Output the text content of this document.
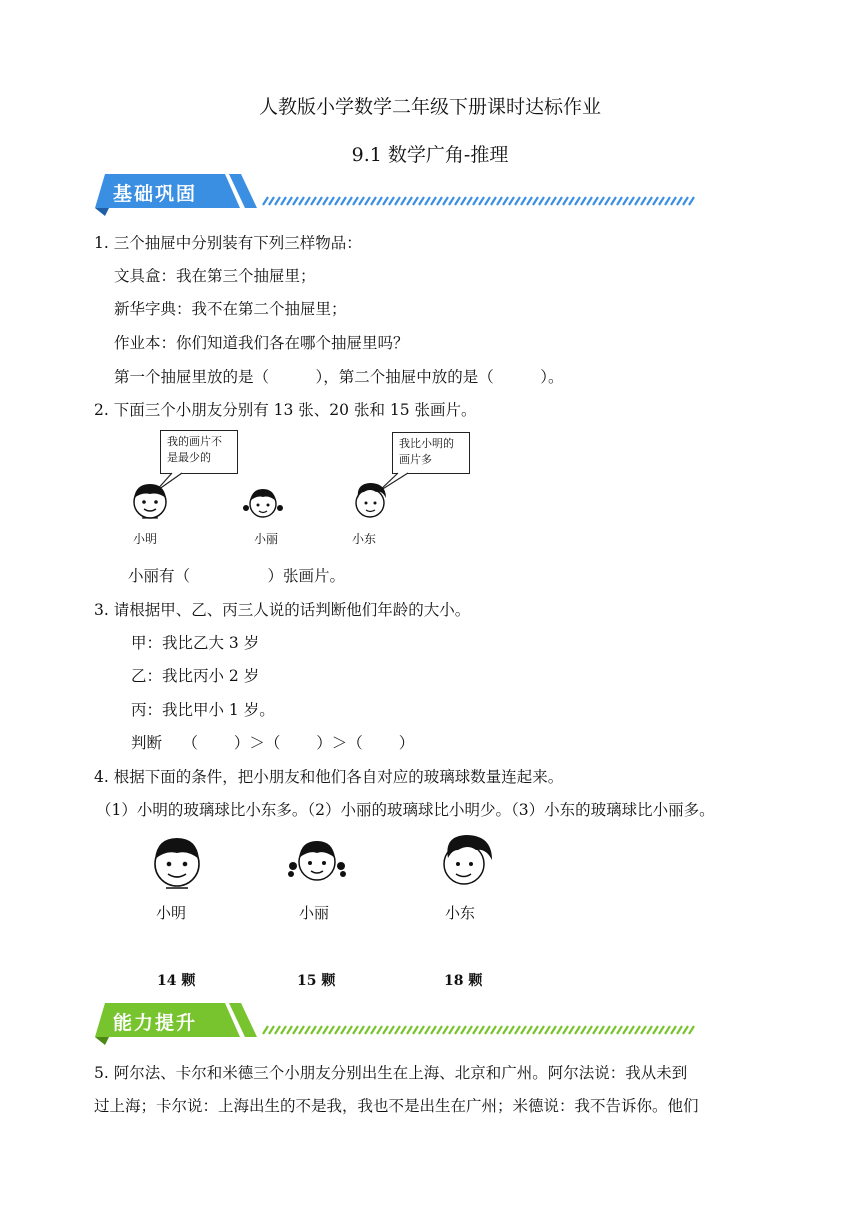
人教版小学数学二年级下册课时达标作业
9.1 数学广角-推理
基础巩固
1. 三个抽屉中分别装有下列三样物品：
文具盒：我在第三个抽屉里；
新华字典：我不在第二个抽屉里；
作业本：你们知道我们各在哪个抽屉里吗？
第一个抽屉里放的是（　　　），第二个抽屉中放的是（　　　）。
2. 下面三个小朋友分别有 13 张、20 张和 15 张画片。
我的画片不是最少的
我比小明的画片多
小明	小丽	小东
小丽有（　　　　　）张画片。
3. 请根据甲、乙、丙三人说的话判断他们年龄的大小。
甲：我比乙大 3 岁
乙：我比丙小 2 岁
丙：我比甲小 1 岁。
判断　 （　　 ）＞（　　 ）＞（　　 ）
4. 根据下面的条件，把小朋友和他们各自对应的玻璃球数量连起来。
（1）小明的玻璃球比小东多。（2）小丽的玻璃球比小明少。（3）小东的玻璃球比小丽多。
小明	小丽	小东
14 颗	15 颗	18 颗
能力提升
5. 阿尔法、卡尔和米德三个小朋友分别出生在上海、北京和广州。阿尔法说：我从未到
过上海；卡尔说：上海出生的不是我，我也不是出生在广州；米德说：我不告诉你。他们
